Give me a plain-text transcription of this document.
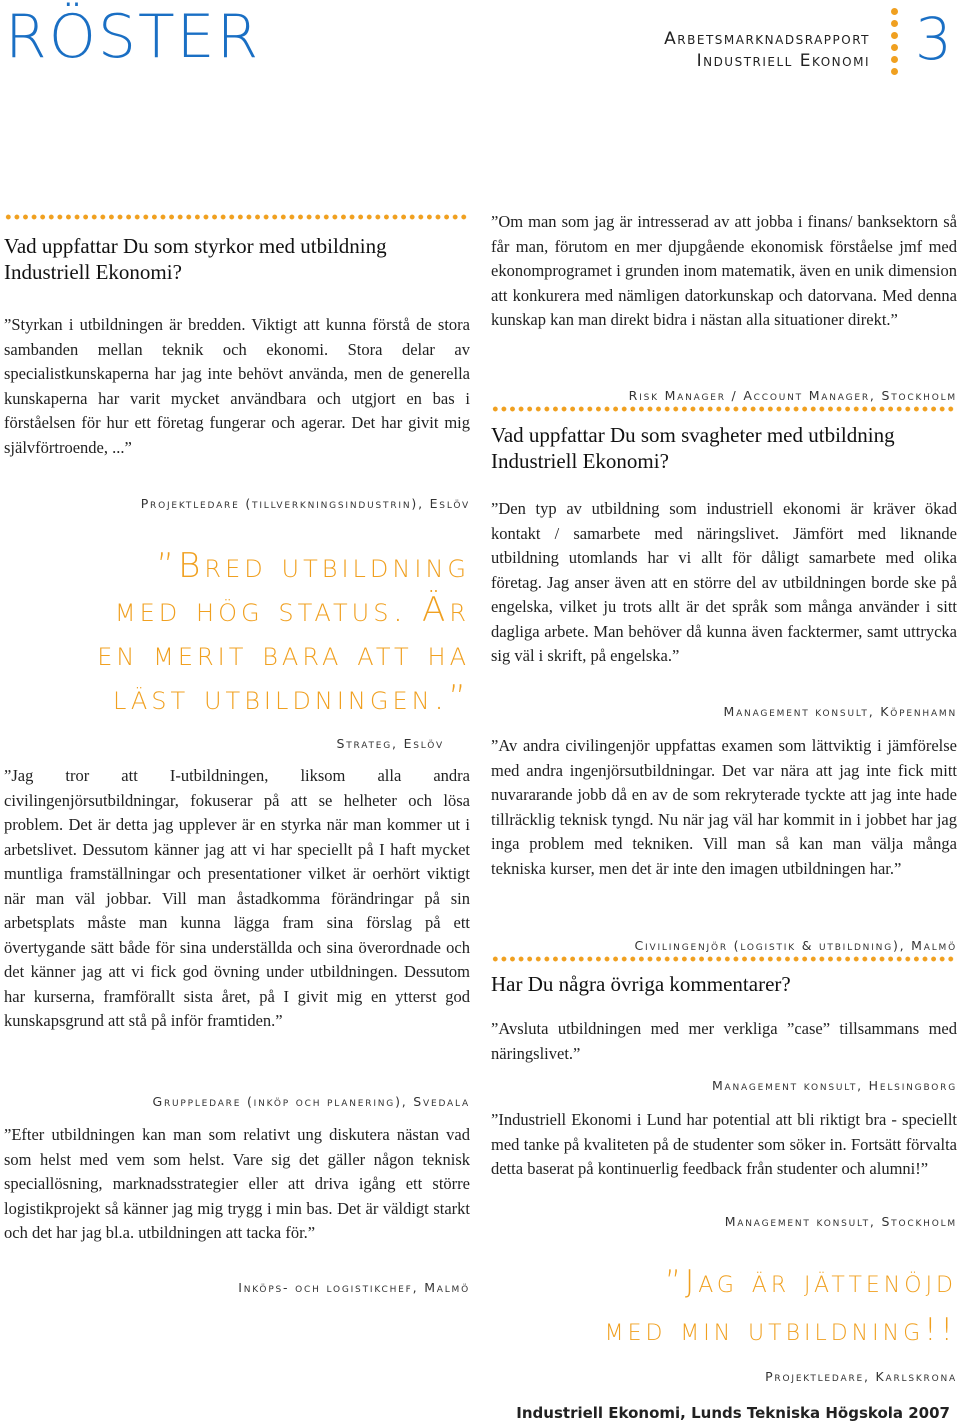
RÖSTER	Arbetsmarknadsrapport
Industriell Ekonomi 3
Vad uppfattar Du som styrkor med utbildning Industriell Ekonomi?

”Styrkan i utbildningen är bredden. Viktigt att kunna förstå de stora sambanden mellan teknik och ekonomi. Stora delar av specialistkunskaperna har jag inte behövt använda, men de generella kunskaperna har varit mycket användbara och utgjort en bas i förståelsen för hur ett företag fungerar och agerar. Det har givit mig självförtroende, ...”

Projektledare (tillverkningsindustrin), Eslöv
”Bred utbildning
med hög status. Är
en merit bara att ha
läst utbildningen.”
Strateg, Eslöv

”Jag tror att I-utbildningen, liksom alla andra civilingenjörsutbildningar, fokuserar på att se helheter och lösa problem. Det är detta jag upplever är en styrka när man kommer ut i arbetslivet. Dessutom känner jag att vi har speciellt på I haft mycket muntliga framställningar och presentationer vilket är oerhört viktigt när man väl jobbar. Vill man åstadkomma förändringar på sin arbetsplats måste man kunna lägga fram sina förslag på ett övertygande sätt både för sina underställda och sina överordnade och det känner jag att vi fick god övning under utbildningen. Dessutom har kurserna, framförallt sista året, på I givit mig en ytterst god kunskapsgrund att stå på inför framtiden.”

Gruppledare (inköp och planering), Svedala

”Efter utbildningen kan man som relativt ung diskutera nästan vad som helst med vem som helst. Vare sig det gäller någon teknisk speciallösning, marknadsstrategier eller att driva igång ett större logistikprojekt så känner jag mig trygg i min bas. Det är väldigt starkt och det har jag bl.a. utbildningen att tacka för.”

Inköps- och logistikchef, Malmö

”Om man som jag är intresserad av att jobba i finans/ banksektorn så får man, förutom en mer djupgående ekonomisk förståelse jmf med ekonomprogramet i grunden inom matematik, även en unik dimension att konkurera med nämligen datorkunskap och datorvana. Med denna kunskap kan man direkt bidra i nästan alla situationer direkt.”

Risk Manager / Account Manager, Stockholm
Vad uppfattar Du som svagheter med utbildning Industriell Ekonomi?

”Den typ av utbildning som industriell ekonomi är kräver ökad kontakt / samarbete med näringslivet. Jämfört med liknande utbildning utomlands har vi allt för dåligt samarbete med olika företag. Jag anser även att en större del av utbildningen borde ske på engelska, vilket ju trots allt är det språk som många använder i sitt dagliga arbete. Man behöver då kunna även facktermer, samt uttrycka sig väl i skrift, på engelska.”

Management konsult, Köpenhamn

”Av andra civilingenjör uppfattas examen som lättviktig i jämförelse med andra ingenjörsutbildningar. Det var nära att jag inte fick mitt nuvararande jobb då en av de som rekryterade tyckte att jag inte hade tillräcklig teknisk tyngd. Nu när jag väl har kommit in i jobbet har jag inga problem med tekniken. Vill man så kan man välja många tekniska kurser, men det är inte den imagen utbildningen har.”

Civilingenjör (logistik & utbildning), Malmö
Har Du några övriga kommentarer?

”Avsluta utbildningen med mer verkliga ”case” tillsammans med näringslivet.”

Management konsult, Helsingborg

”Industriell Ekonomi i Lund har potential att bli riktigt bra - speciellt med tanke på kvaliteten på de studenter som söker in. Fortsätt förvalta detta baserat på kontinuerlig feedback från studenter och alumni!”

Management konsult, Stockholm
”Jag är jättenöjd
med min utbildning!!
Projektledare, Karlskrona
Industriell Ekonomi, Lunds Tekniska Högskola 2007
